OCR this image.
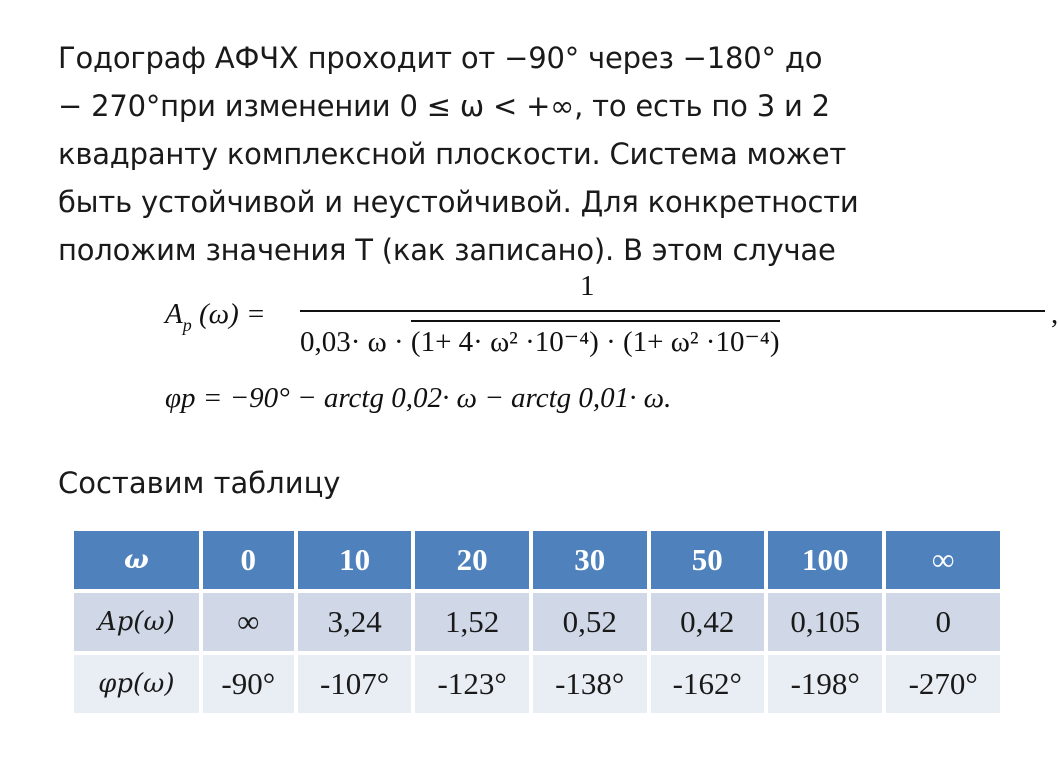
Годограф АФЧХ проходит от −90° через −180° до
− 270°при изменении 0 ≤ ω < +∞, то есть по 3 и 2
квадранту комплексной плоскости. Система может
быть устойчивой и неустойчивой. Для конкретности
положим значения T (как записано). В этом случае
$A_p$ (ω) =
1
0,03· ω · (1+ 4· ω² ·10⁻⁴) · (1+ ω² ·10⁻⁴)
,
φp = −90° − arctg 0,02· ω − arctg 0,01· ω.
Составим таблицу
ω	0	10	20	30	50	100	∞
Ap(ω)	∞	3,24	1,52	0,52	0,42	0,105	0
φp(ω)	-90°	-107°	-123°	-138°	-162°	-198°	-270°
